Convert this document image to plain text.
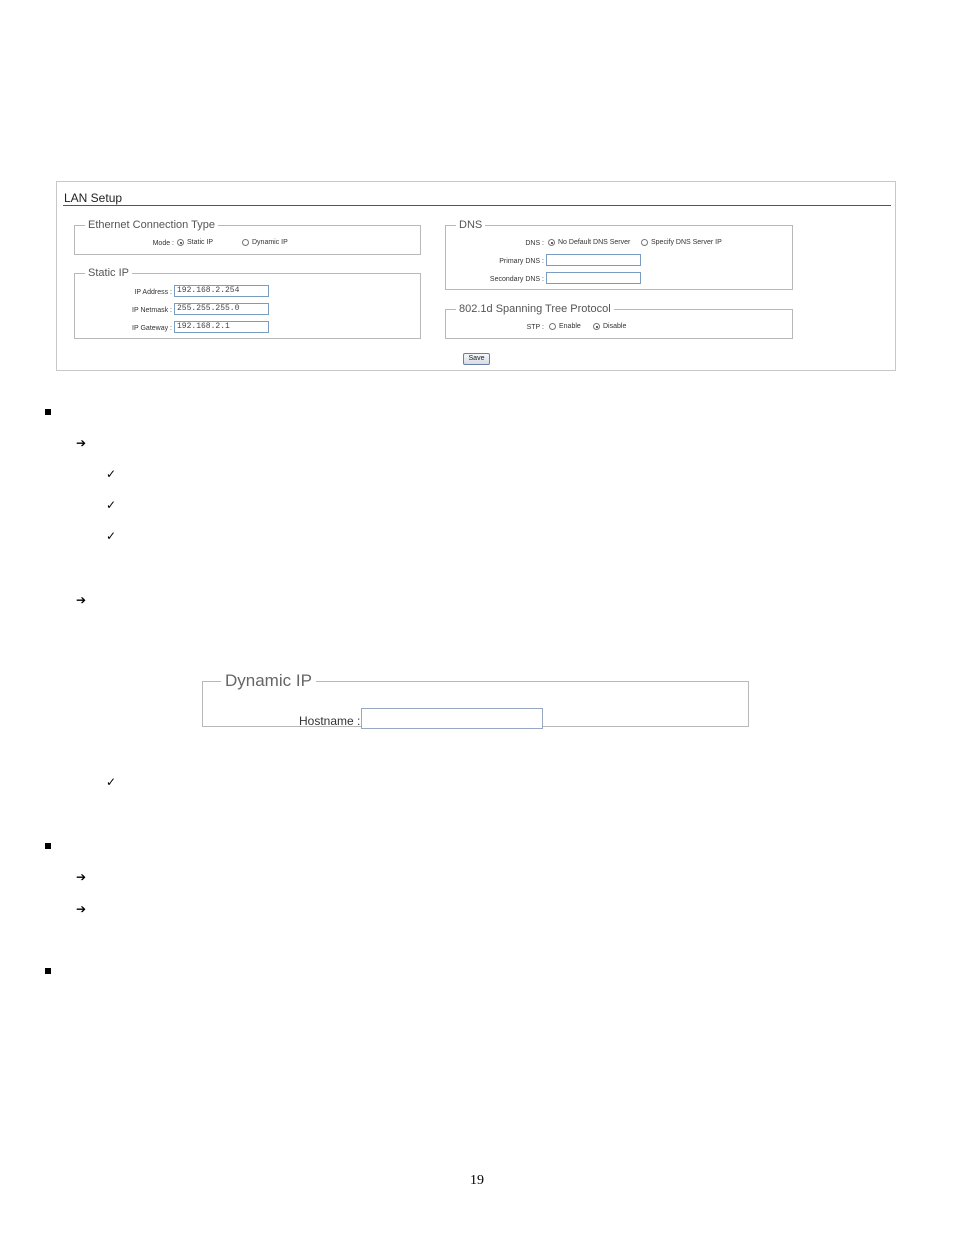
LAN Setup
Ethernet Connection Type
Mode : Static IP	Dynamic IP
Static IP
IP Address : 192.168.2.254
IP Netmask : 255.255.255.0
IP Gateway : 192.168.2.1
DNS
DNS : No Default DNS Server	Specify DNS Server IP
Primary DNS :
Secondary DNS :
802.1d Spanning Tree Protocol
STP : Enable	Disable
Save
➔
✓
✓
✓
➔
Dynamic IP
Hostname :
✓
➔
➔
19
